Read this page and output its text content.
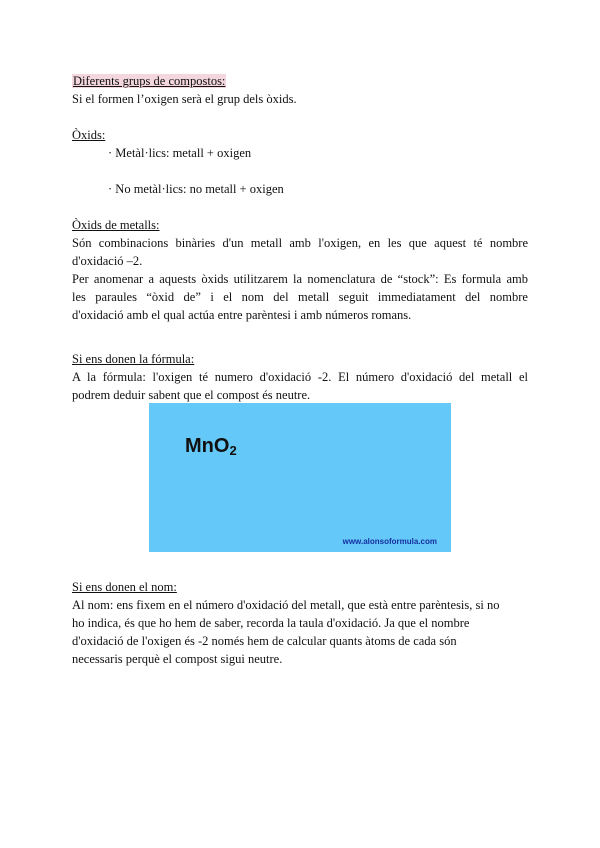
Diferents grups de compostos:
Si el formen l’oxigen serà el grup dels òxids.
Òxids:
· Metàl·lics: metall + oxigen
· No metàl·lics: no metall + oxigen
Òxids de metalls:
Són combinacions binàries d'un metall amb l'oxigen, en les que aquest té nombre
d'oxidació –2.
Per anomenar a aquests òxids utilitzarem la nomenclatura de “stock”: Es formula amb
les paraules “òxid de” i el nom del metall seguit immediatament del nombre
d'oxidació amb el qual actúa entre parèntesi i amb números romans.
Si ens donen la fórmula:
A la fórmula: l'oxigen té numero d'oxidació -2. El número d'oxidació del metall el
podrem deduir sabent que el compost és neutre.
MnO$_2$
www.alonsoformula.com
Si ens donen el nom:
Al nom: ens fixem en el número d'oxidació del metall, que està entre parèntesis, si no
ho indica, és que ho hem de saber, recorda la taula d'oxidació. Ja que el nombre
d'oxidació de l'oxigen és -2 només hem de calcular quants àtoms de cada són
necessaris perquè el compost sigui neutre.
